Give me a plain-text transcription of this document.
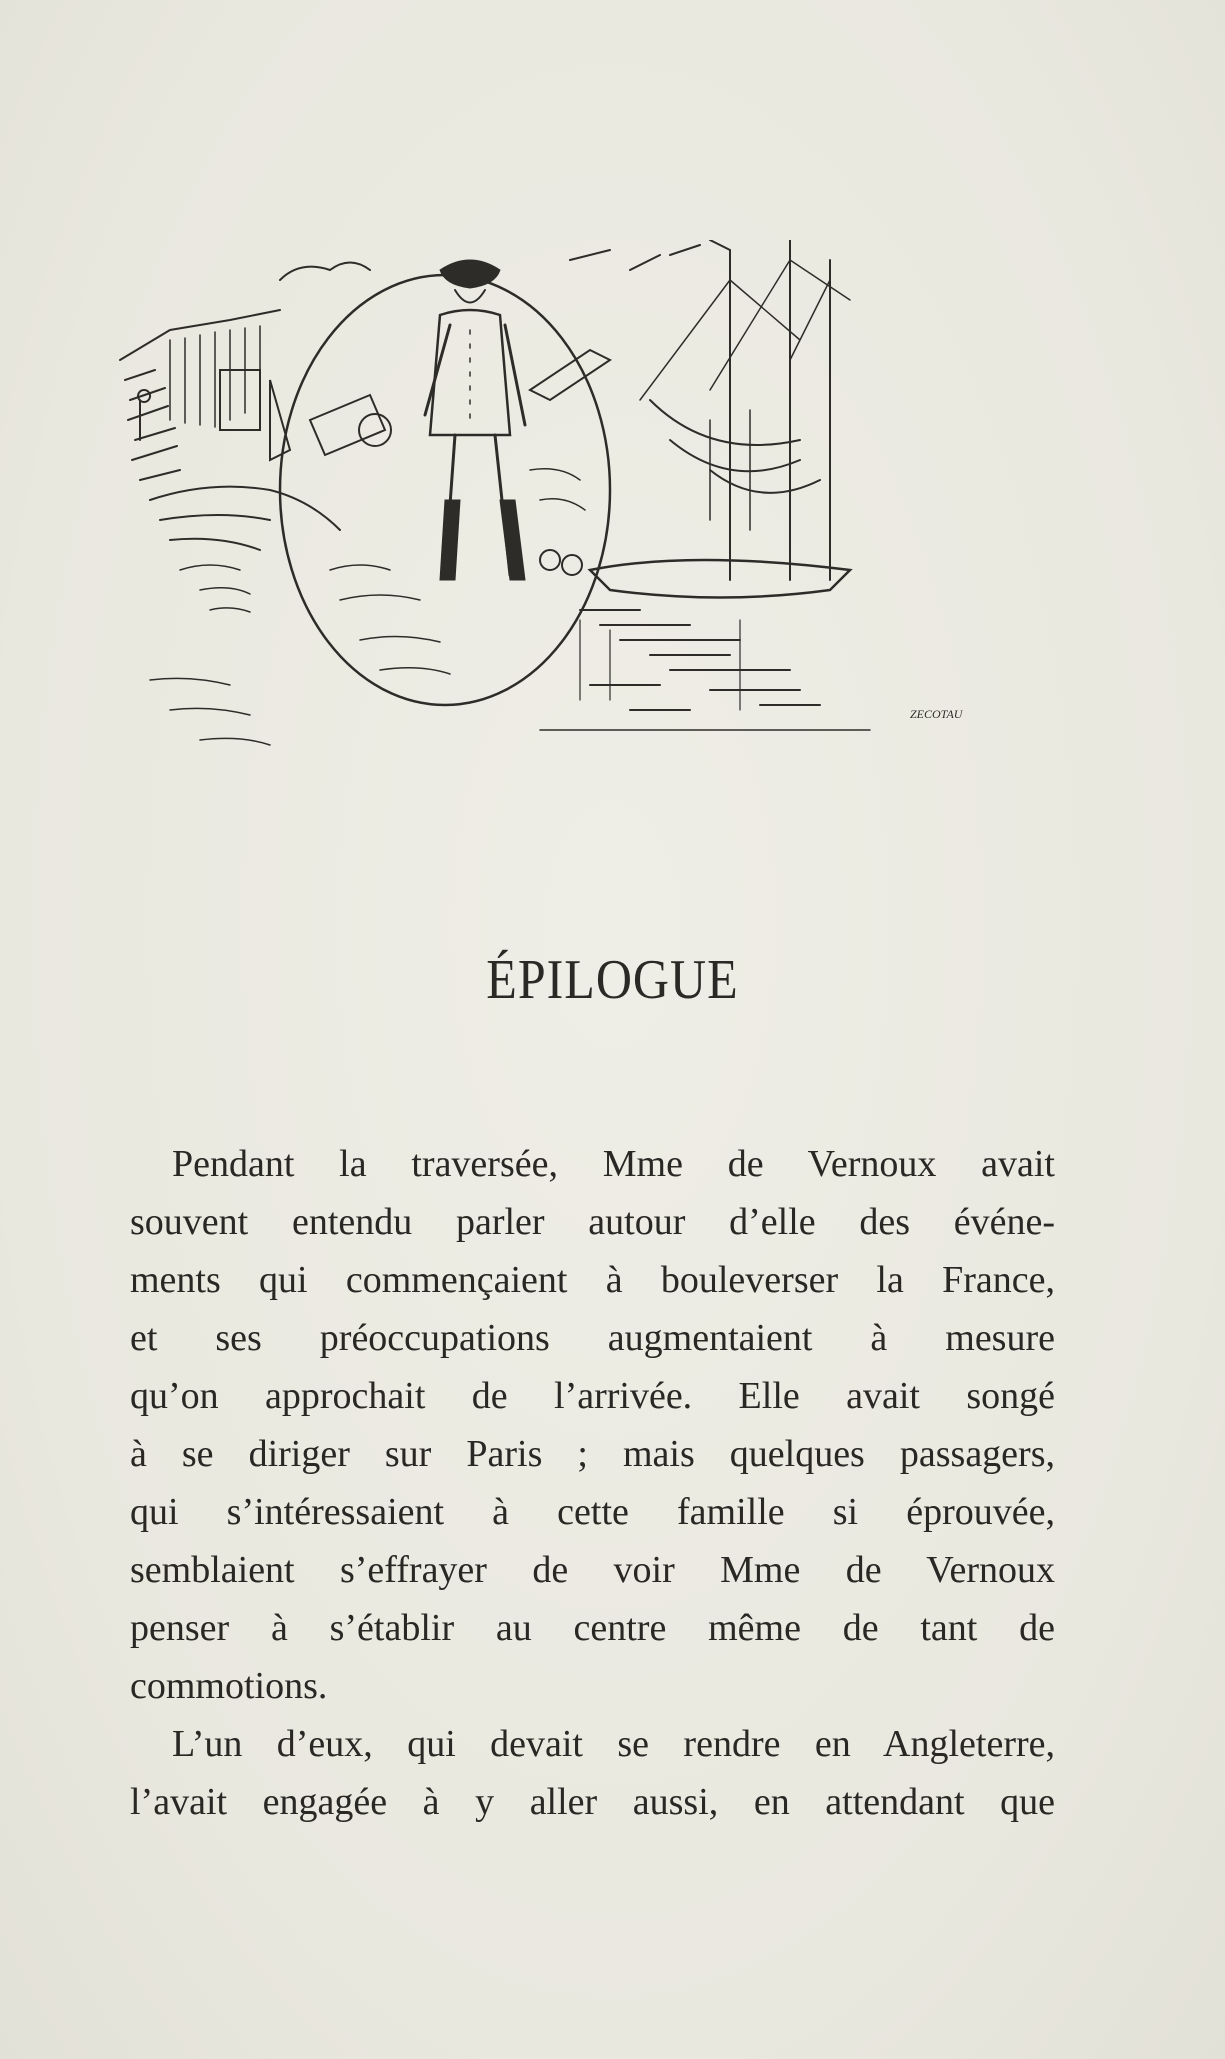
ZECOTAU
ÉPILOGUE
Pendant la traversée, Mme de Vernoux avait
souvent entendu parler autour d’elle des événe-
ments qui commençaient à bouleverser la France,
et ses préoccupations augmentaient à mesure
qu’on approchait de l’arrivée. Elle avait songé
à se diriger sur Paris ; mais quelques passagers,
qui s’intéressaient à cette famille si éprouvée,
semblaient s’effrayer de voir Mme de Vernoux
penser à s’établir au centre même de tant de
commotions.
L’un d’eux, qui devait se rendre en Angleterre,
l’avait engagée à y aller aussi, en attendant que
